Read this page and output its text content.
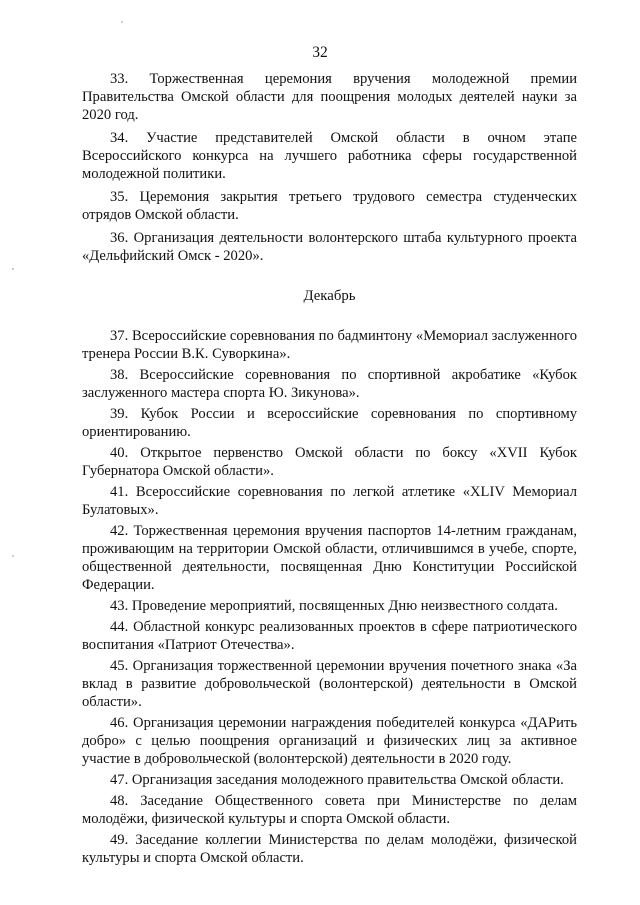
32

33. Торжественная церемония вручения молодежной премии Правительства Омской области для поощрения молодых деятелей науки за 2020 год.

34. Участие представителей Омской области в очном этапе Всероссийского конкурса на лучшего работника сферы государственной молодежной политики.

35. Церемония закрытия третьего трудового семестра студенческих отрядов Омской области.

36. Организация деятельности волонтерского штаба культурного проекта «Дельфийский Омск - 2020».

Декабрь

37. Всероссийские соревнования по бадминтону «Мемориал заслуженного тренера России В.К. Суворкина».

38. Всероссийские соревнования по спортивной акробатике «Кубок заслуженного мастера спорта Ю. Зикунова».

39. Кубок России и всероссийские соревнования по спортивному ориентированию.

40. Открытое первенство Омской области по боксу «XVII Кубок Губернатора Омской области».

41. Всероссийские соревнования по легкой атлетике «XLIV Мемориал Булатовых».

42. Торжественная церемония вручения паспортов 14-летним гражданам, проживающим на территории Омской области, отличившимся в учебе, спорте, общественной деятельности, посвященная Дню Конституции Российской Федерации.

43. Проведение мероприятий, посвященных Дню неизвестного солдата.

44. Областной конкурс реализованных проектов в сфере патриотического воспитания «Патриот Отечества».

45. Организация торжественной церемонии вручения почетного знака «За вклад в развитие добровольческой (волонтерской) деятельности в Омской области».

46. Организация церемонии награждения победителей конкурса «ДАРить добро» с целью поощрения организаций и физических лиц за активное участие в добровольческой (волонтерской) деятельности в 2020 году.

47. Организация заседания молодежного правительства Омской области.

48. Заседание Общественного совета при Министерстве по делам молодёжи, физической культуры и спорта Омской области.

49. Заседание коллегии Министерства по делам молодёжи, физической культуры и спорта Омской области.
